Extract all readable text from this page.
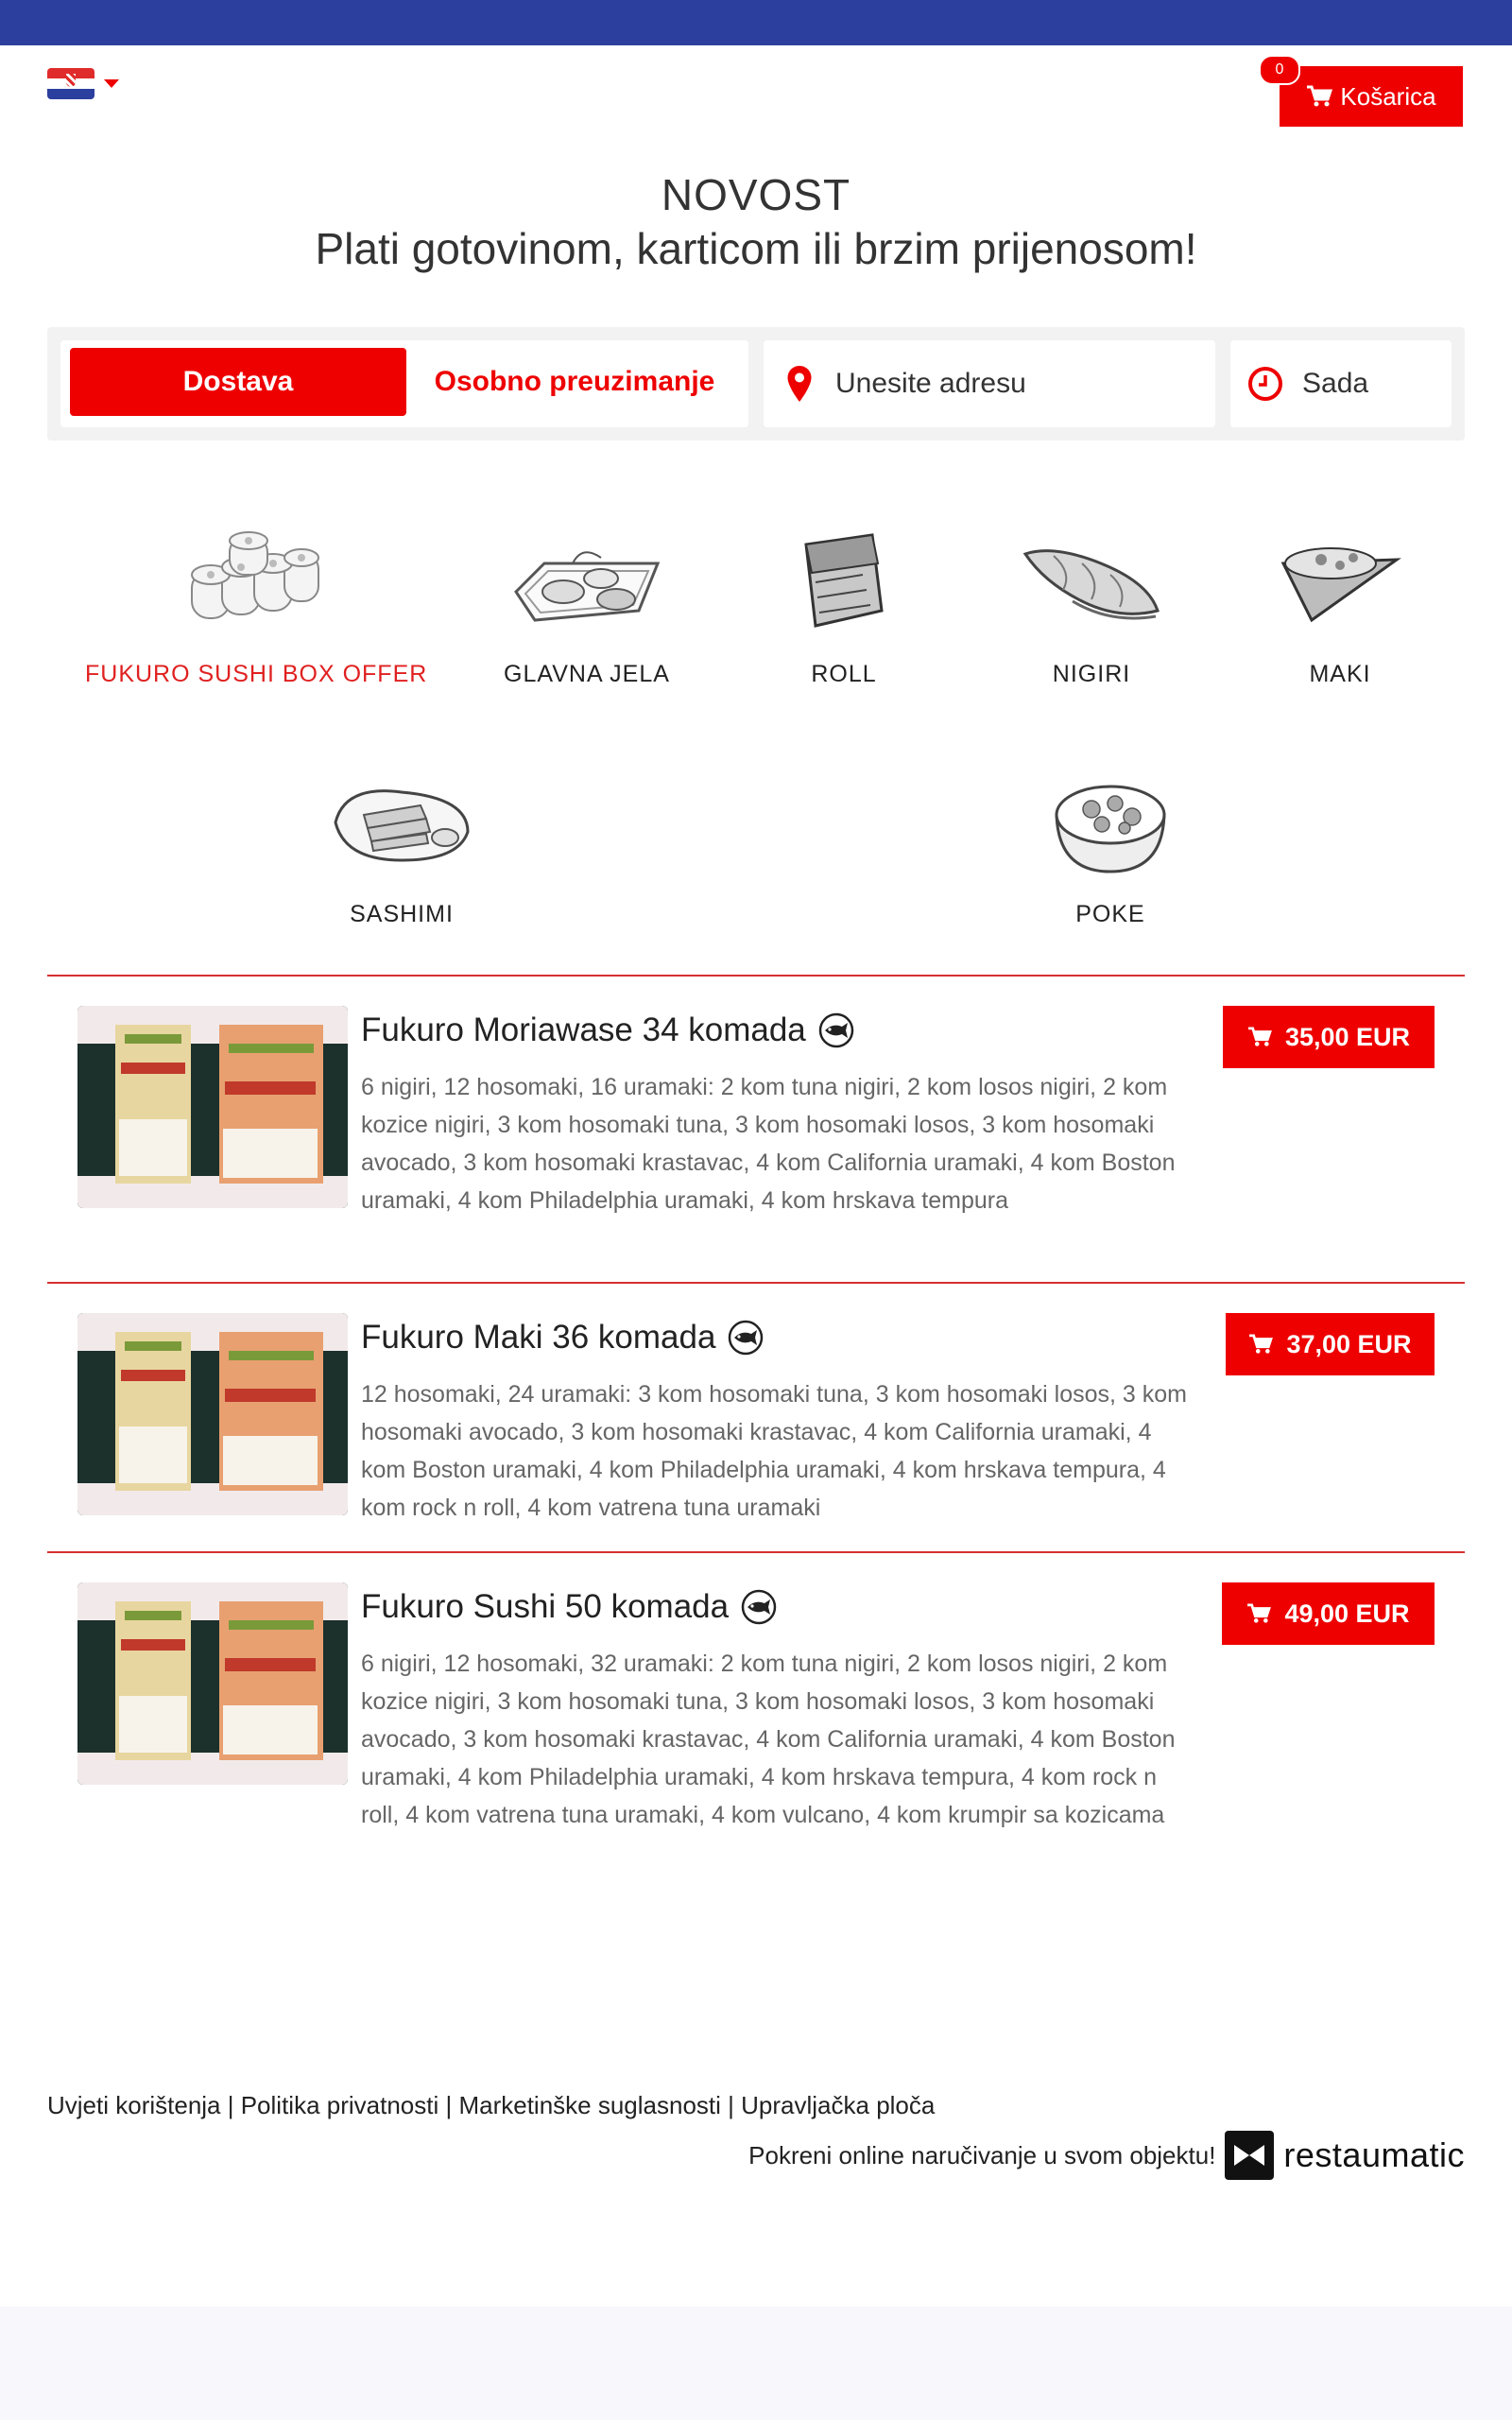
Košarica
0
NOVOST
Plati gotovinom, karticom ili brzim prijenosom!
Dostava	Osobno preuzimanje
Unesite adresu	Sada
FUKURO SUSHI BOX OFFER	GLAVNA JELA	ROLL	NIGIRI	MAKI
SASHIMI	POKE
Fukuro Moriawase 34 komada
6 nigiri, 12 hosomaki, 16 uramaki: 2 kom tuna nigiri, 2 kom losos nigiri, 2 kom kozice nigiri, 3 kom hosomaki tuna, 3 kom hosomaki losos, 3 kom hosomaki avocado, 3 kom hosomaki krastavac, 4 kom California uramaki, 4 kom Boston uramaki, 4 kom Philadelphia uramaki, 4 kom hrskava tempura
35,00 EUR
Fukuro Maki 36 komada
12 hosomaki, 24 uramaki: 3 kom hosomaki tuna, 3 kom hosomaki losos, 3 kom hosomaki avocado, 3 kom hosomaki krastavac, 4 kom California uramaki, 4 kom Boston uramaki, 4 kom Philadelphia uramaki, 4 kom hrskava tempura, 4 kom rock n roll, 4 kom vatrena tuna uramaki
37,00 EUR
Fukuro Sushi 50 komada
6 nigiri, 12 hosomaki, 32 uramaki: 2 kom tuna nigiri, 2 kom losos nigiri, 2 kom kozice nigiri, 3 kom hosomaki tuna, 3 kom hosomaki losos, 3 kom hosomaki avocado, 3 kom hosomaki krastavac, 4 kom California uramaki, 4 kom Boston uramaki, 4 kom Philadelphia uramaki, 4 kom hrskava tempura, 4 kom rock n roll, 4 kom vatrena tuna uramaki, 4 kom vulcano, 4 kom krumpir sa kozicama
49,00 EUR
Uvjeti korištenja | Politika privatnosti | Marketinške suglasnosti | Upravljačka ploča
Pokreni online naručivanje u svom objektu! restaumatic
